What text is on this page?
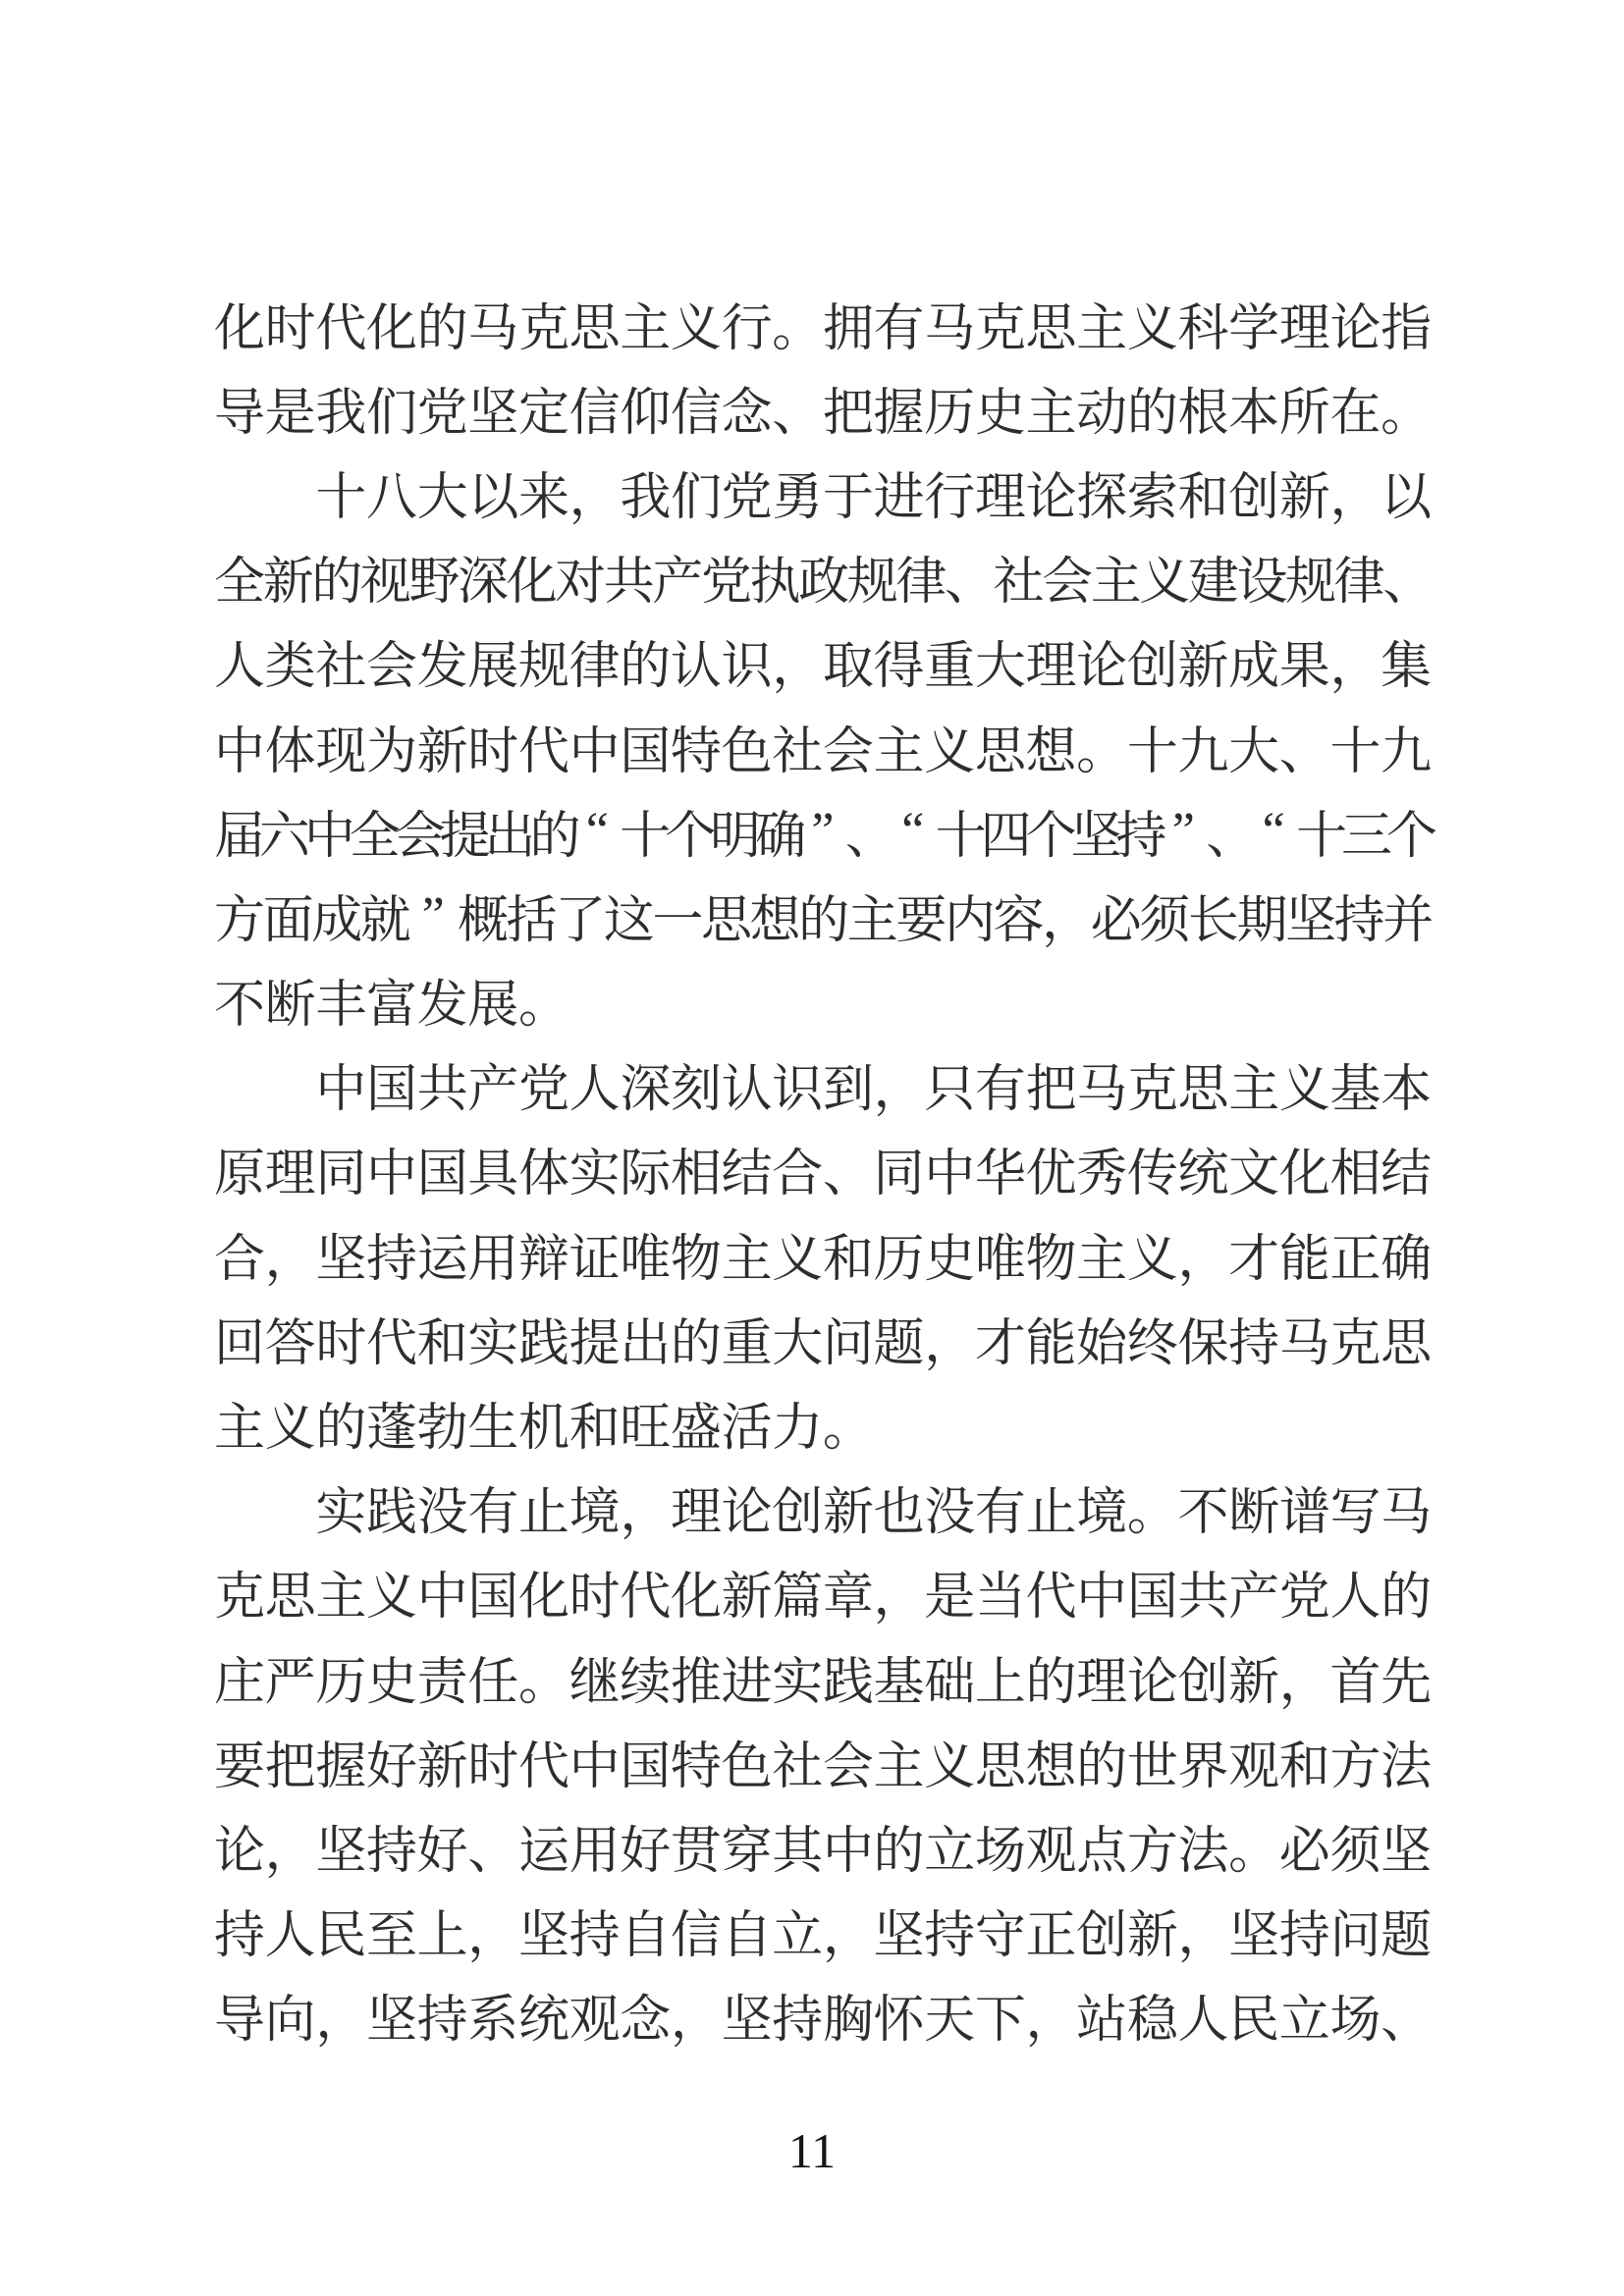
化 时 代 化 的 马 克 思 主 义 行 。 拥 有 马 克 思 主 义 科 学 理 论 指
导 是 我 们 党 坚 定 信 仰 信 念 、 把 握 历 史 主 动 的 根 本 所 在 。
十 八 大 以 来 ， 我 们 党 勇 于 进 行 理 论 探 索 和 创 新 ， 以
全
新
的
视
野
深
化
对
共
产
党
执
政
规
律
、
社
会
主
义
建
设
规
律
、
人 类 社 会 发 展 规 律 的 认 识 ， 取 得 重 大 理 论 创 新 成 果 ， 集
中 体 现 为 新 时 代 中 国 特 色 社 会 主 义 思 想 。 十 九 大 、 十 九
届
六
中
全
会
提
出
的 “ 十
个
明
确 ” 、 “ 十
四
个
坚
持 ” 、 “ 十
三
个
方
面
成
就 ” 概
括
了
这
一
思
想
的
主
要
内
容
，
必
须
长
期
坚
持
并
不 断 丰 富 发 展 。
中 国 共 产 党 人 深 刻 认 识 到 ， 只 有 把 马 克 思 主 义 基 本
原 理 同 中 国 具 体 实 际 相 结 合 、 同 中 华 优 秀 传 统 文 化 相 结
合 ， 坚 持 运 用 辩 证 唯 物 主 义 和 历 史 唯 物 主 义 ， 才 能 正 确
回 答 时 代 和 实 践 提 出 的 重 大 问 题 ， 才 能 始 终 保 持 马 克 思
主 义 的 蓬 勃 生 机 和 旺 盛 活 力 。
实 践 没 有 止 境 ， 理 论 创 新 也 没 有 止 境 。 不 断 谱 写 马
克 思 主 义 中 国 化 时 代 化 新 篇 章 ， 是 当 代 中 国 共 产 党 人 的
庄 严 历 史 责 任 。 继 续 推 进 实 践 基 础 上 的 理 论 创 新 ， 首 先
要 把 握 好 新 时 代 中 国 特 色 社 会 主 义 思 想 的 世 界 观 和 方 法
论 ， 坚 持 好 、 运 用 好 贯 穿 其 中 的 立 场 观 点 方 法 。 必 须 坚
持 人 民 至 上 ， 坚 持 自 信 自 立 ， 坚 持 守 正 创 新 ， 坚 持 问 题
导 向 ， 坚 持 系 统 观 念 ， 坚 持 胸 怀 天 下 ， 站 稳 人 民 立 场 、
11
